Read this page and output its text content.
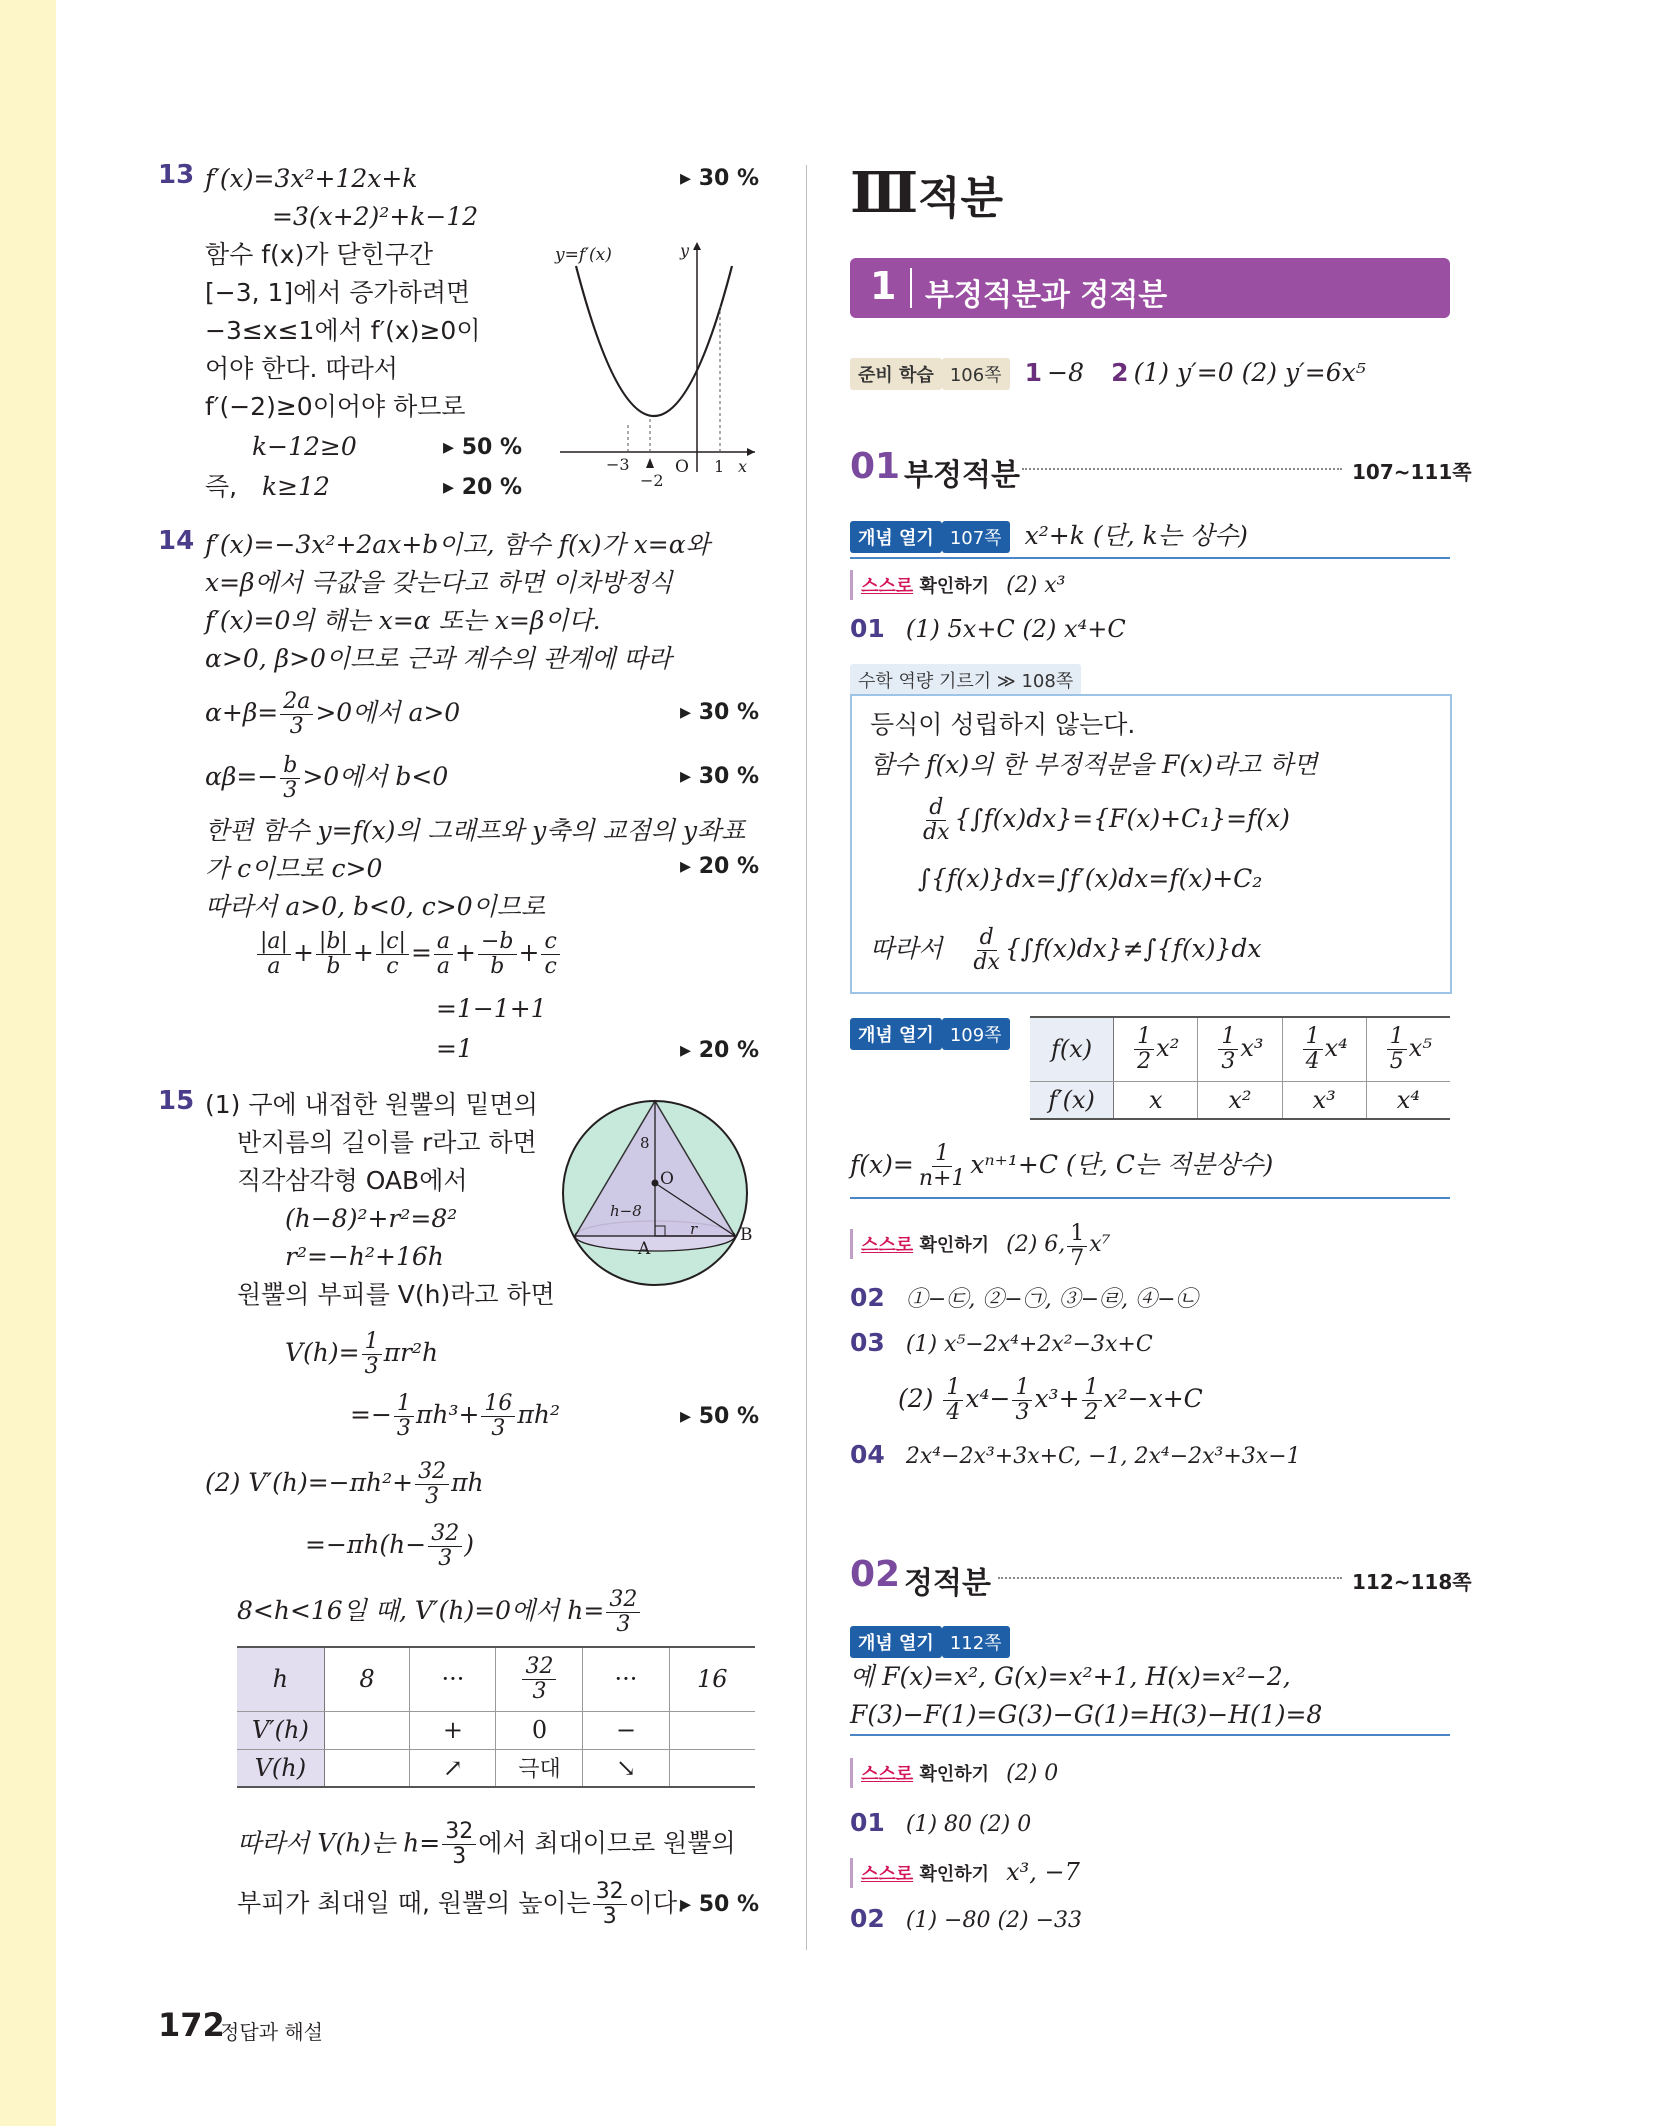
13 f′(x)=3x²+12x+k
=3(x+2)²+k−12
함수 f(x)가 닫힌구간
[−3, 1]에서 증가하려면
−3≤x≤1에서 f′(x)≥0이
어야 한다. 따라서
f′(−2)≥0이어야 하므로
k−12≥0
즉, k≥12
▸ 30 %
▸ 50 %
▸ 20 %
y=f′(x)	y
x
O
−3
−2
1
14 f′(x)=−3x²+2ax+b이고, 함수 f(x)가 x=α와
x=β에서 극값을 갖는다고 하면 이차방정식
f′(x)=0의 해는 x=α 또는 x=β이다.
α>0, β>0이므로 근과 계수의 관계에 따라
$\alpha+\beta= \frac{2a}{3} >0$에서 a>0
$\alpha\beta=- \frac{b}{3} >0$에서 b<0
한편 함수 y=f(x)의 그래프와 y축의 교점의 y좌표
가 c이므로 c>0
따라서 a>0, b<0, c>0이므로
$\frac{|a|}{a} + \frac{|b|}{b} + \frac{|c|}{c} = \frac{a}{a} + \frac{-b}{b} + \frac{c}{c}$
=1−1+1
=1
▸ 30 %
▸ 30 %
▸ 20 %
▸ 20 %
15 (1) 구에 내접한 원뿔의 밑면의
반지름의 길이를 r라고 하면
직각삼각형 OAB에서
(h−8)²+r²=8²
r²=−h²+16h
원뿔의 부피를 V(h)라고 하면
$V(h)= \frac{1}{3} \pi r^2h$
=− $\frac{1}{3} \pi h^3+ \frac{16}{3} \pi h^2$	▸ 50 %
(2) $V'(h)=-\pi h^2+ \frac{32}{3}$ πh
$=-\pi h(h- \frac{32}{3}$ )
8<h<16일 때, V′(h)=0에서 $h= \frac{32}{3}$
O
A
B
8
h−8
r
h	8	···	$\frac{32}{3}$	···	16
V′(h)		+	0	−	
V(h)		↗	극대	↘	
따라서 V(h)는 $h= \frac{32}{3}$ 에서 최대이므로 원뿔의
부피가 최대일 때, 원뿔의 높이는 $\frac{32}{3}$ 이다.
▸ 50 %
172
정답과 해설
Ⅲ 적분
1 부정적분과 정적분
준비 학습 106쪽 1 −8 2 (1) y′=0 (2) y′=6x⁵
01 부정적분	107~111쪽
개념 열기 107쪽 x²+k (단, k는 상수)
스스로 확인하기 (2) x³
01 (1) 5x+C (2) x⁴+C
수학 역량 기르기 ≫ 108쪽
등식이 성립하지 않는다.
함수 f(x)의 한 부정적분을 F(x)라고 하면
$\frac{d}{dx} \{\int f(x)dx\}=\{F(x)+C_1\}=f(x)$
∫{f(x)}dx=∫f′(x)dx=f(x)+C₂
따라서 $\frac{d}{dx} \{\int f(x)dx\}\ne\int\{f(x)\}dx$
개념 열기 109쪽	f(x)	$\frac{1}{2} x^2$	$\frac{1}{3} x^3$	$\frac{1}{4} x^4$	$\frac{1}{5} x^5$
f′(x)	x	x²	x³	x⁴
$f(x)= \frac{1}{n+1} x^{n+1}+C$ (단, C는 적분상수)
스스로 확인하기 (2) 6, $\frac{1}{7} x^7$
02 ①−㉢, ②−㉠, ③−㉣, ④−㉡
03 (1) x⁵−2x⁴+2x²−3x+C
$(2) \frac{1}{4} x^4- \frac{1}{3} x^3+ \frac{1}{2} x^2-x+C$
04 2x⁴−2x³+3x+C, −1, 2x⁴−2x³+3x−1
02 정적분	112~118쪽
개념 열기 112쪽
예 F(x)=x², G(x)=x²+1, H(x)=x²−2,
F(3)−F(1)=G(3)−G(1)=H(3)−H(1)=8
스스로 확인하기 (2) 0
01 (1) 80 (2) 0
스스로 확인하기 x³, −7
02 (1) −80 (2) −33
